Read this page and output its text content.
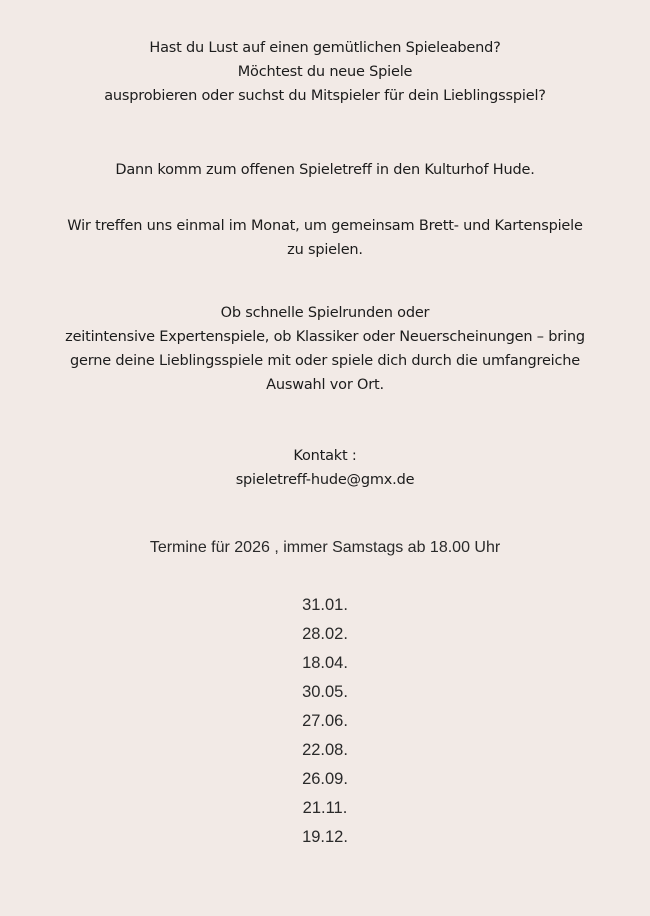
Hast du Lust auf einen gemütlichen Spieleabend?
Möchtest du neue Spiele
ausprobieren oder suchst du Mitspieler für dein Lieblingsspiel?
Dann komm zum offenen Spieletreff in den Kulturhof Hude.
Wir treffen uns einmal im Monat, um gemeinsam Brett- und Kartenspiele
zu spielen.
Ob schnelle Spielrunden oder
zeitintensive Expertenspiele, ob Klassiker oder Neuerscheinungen – bring
gerne deine Lieblingsspiele mit oder spiele dich durch die umfangreiche
Auswahl vor Ort.
Kontakt :
spieletreff-hude@gmx.de
Termine für 2026 , immer Samstags ab 18.00 Uhr
31.01.
28.02.
18.04.
30.05.
27.06.
22.08.
26.09.
21.11.
19.12.
